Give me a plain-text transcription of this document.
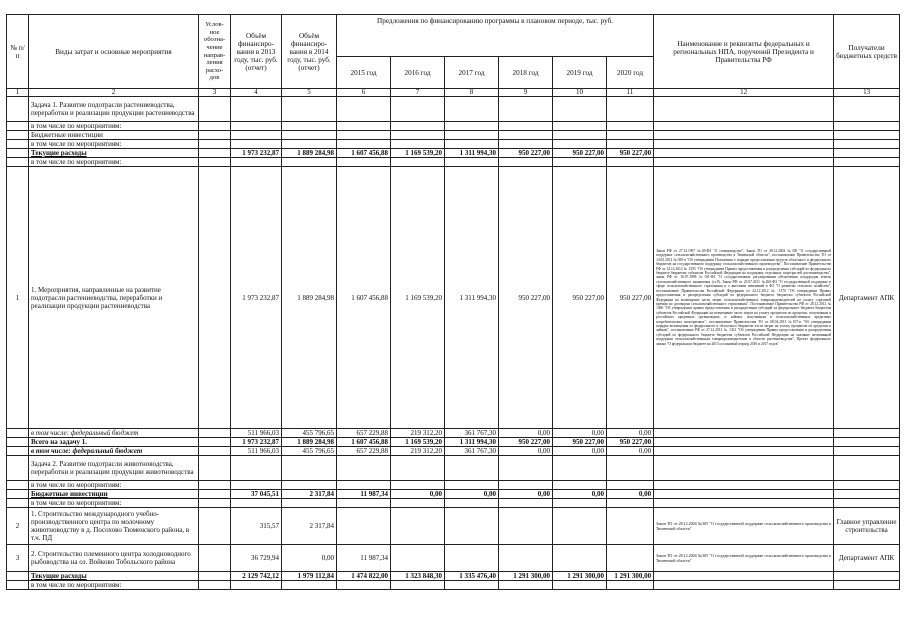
№ п/п	Виды затрат и основные мероприятия	Услов-ное обозна-чение направ-ления расхо-дов	Объём финансиро-вания в 2013 году, тыс. руб. (отчет)	Объём финансиро-вания в 2014 году, тыс. руб. (отчет)	Предложения по финансированию программы в плановом периоде, тыс. руб.						Наименование и реквизиты федеральных и региональных НПА, поручений Президента и Правительства РФ	Получатели бюджетных средств
					2015 год	2016 год	2017 год	2018 год	2019 год	2020 год		
1	2	3	4	5	6	7	8	9	10	11	12	13
	Задача 1. Развитие подотрасли растениеводства, переработки и реализации продукции растениеводства											
	в том числе по мероприятиям:											
	Бюджетные инвестиции											
	в том числе по мероприятиям:											
	Текущие расходы		1 973 232,87	1 889 284,98	1 607 456,88	1 169 539,20	1 311 994,30	950 227,00	950 227,00	950 227,00		
	в том числе по мероприятиям:											
1	1. Мероприятия, направленные на развитие подотрасли растениеводства, переработки и реализации продукции растениеводства		1 973 232,87	1 889 284,98	1 607 456,88	1 169 539,20	1 311 994,30	950 227,00	950 227,00	950 227,00	Закон РФ от 27.12.1997 №49-ФЗ "О семеноводстве", Закон ТО от 28.12.2004 №305 "О государственной поддержке сельскохозяйственного производства в Тюменской области", постановление Правительства ТО от 14.05.2012 №180-п "Об утверждении Положения о порядке предоставления средств областного и федерального бюджетов на государственную поддержку сельскохозяйственного производства", Постановление Правительства РФ от 12.12.2012 № 1295 "Об утверждении Правил предоставления и распределения субсидий из федерального бюджета бюджетам субъектов Российской Федерации на поддержку отдельных подотраслей растениеводства", закон РФ от 16.07.1998 №101-ФЗ "О государственном регулировании обеспечения плодородия земель сельскохозяйственного назначения (ст.8), Закон РФ от 25.07.2011 №260-ФЗ "О государственной поддержке в сфере сельскохозяйственного страхования и о внесении изменений в ФЗ "О развитии сельского хозяйства", постановление Правительства Российской Федерации от 22.12.2012 № 1370 "Об утверждении Правил предоставления и распределения субсидий из федерального бюджета бюджетам субъектов Российской Федерации на возмещение части затрат сельскохозяйственных товаропроизводителей на уплату страховой премии по договорам сельскохозяйственного страхования", Постановление Правительства РФ от 28.12.2012 № 1460 "Об утверждении правил предоставления и распределения субсидий из федерального бюджета бюджетам субъектов Российской Федерации на возмещение части затрат на уплату процентов по кредитам, полученным в российских кредитных организациях, и займам, полученным в сельскохозяйственных кредитных потребительских кооперативах", постановление Правительства ТО от 08.04.2013 №107-п "Об утверждении порядка возмещения из федерального и областного бюджетов части затрат на уплату процентов по кредитам и займам", постановление РФ от 27.12.2012 № 1431 "Об утверждении Правил предоставления и распределения субсидий из федерального бюджета бюджетам субъектов Российской Федерации на оказание несвязанной поддержки сельскохозяйственным товаропроизводителям в области растениеводства", Проект федерального закона "О федеральном бюджете на 2015 и плановый период 2016 и 2017 годов"	Департамент АПК
	в том числе: федеральный бюджет		511 966,03	455 796,65	657 229,88	219 312,20	361 767,30	0,00	0,00	0,00		
	Всего на задачу 1.		1 973 232,87	1 889 284,98	1 607 456,88	1 169 539,20	1 311 994,30	950 227,00	950 227,00	950 227,00		
	в том числе: федеральный бюджет		511 966,03	455 796,65	657 229,88	219 312,20	361 767,30	0,00	0,00	0,00		
	Задача 2. Развитие подотрасли животноводства, переработки и реализации продукции животноводства											
	в том числе по мероприятиям:											
	Бюджетные инвестиции		37 045,51	2 317,84	11 987,34	0,00	0,00	0,00	0,00	0,00		
	в том числе по мероприятиям:											
2	1. Строительство международного учебно-производственного центра по молочному животноводству в д. Посохово Тюменского района, в т.ч. ПД		315,57	2 317,84							Закон ТО от 28.12.2004 №305 "О государственной поддержке сельскохозяйственного производства в Тюменской области"	Главное управление строительства
3	2. Строительство племенного центра холодноводного рыбоводства на оз. Войково Тобольского района		36 729,94	0,00	11 987,34						Закон ТО от 28.12.2004 №305 "О государственной поддержке сельскохозяйственного производства в Тюменской области"	Департамент АПК
	Текущие расходы		2 129 742,12	1 979 112,84	1 474 822,00	1 323 848,30	1 335 476,40	1 291 300,00	1 291 300,00	1 291 300,00		
	в том числе по мероприятиям:											
